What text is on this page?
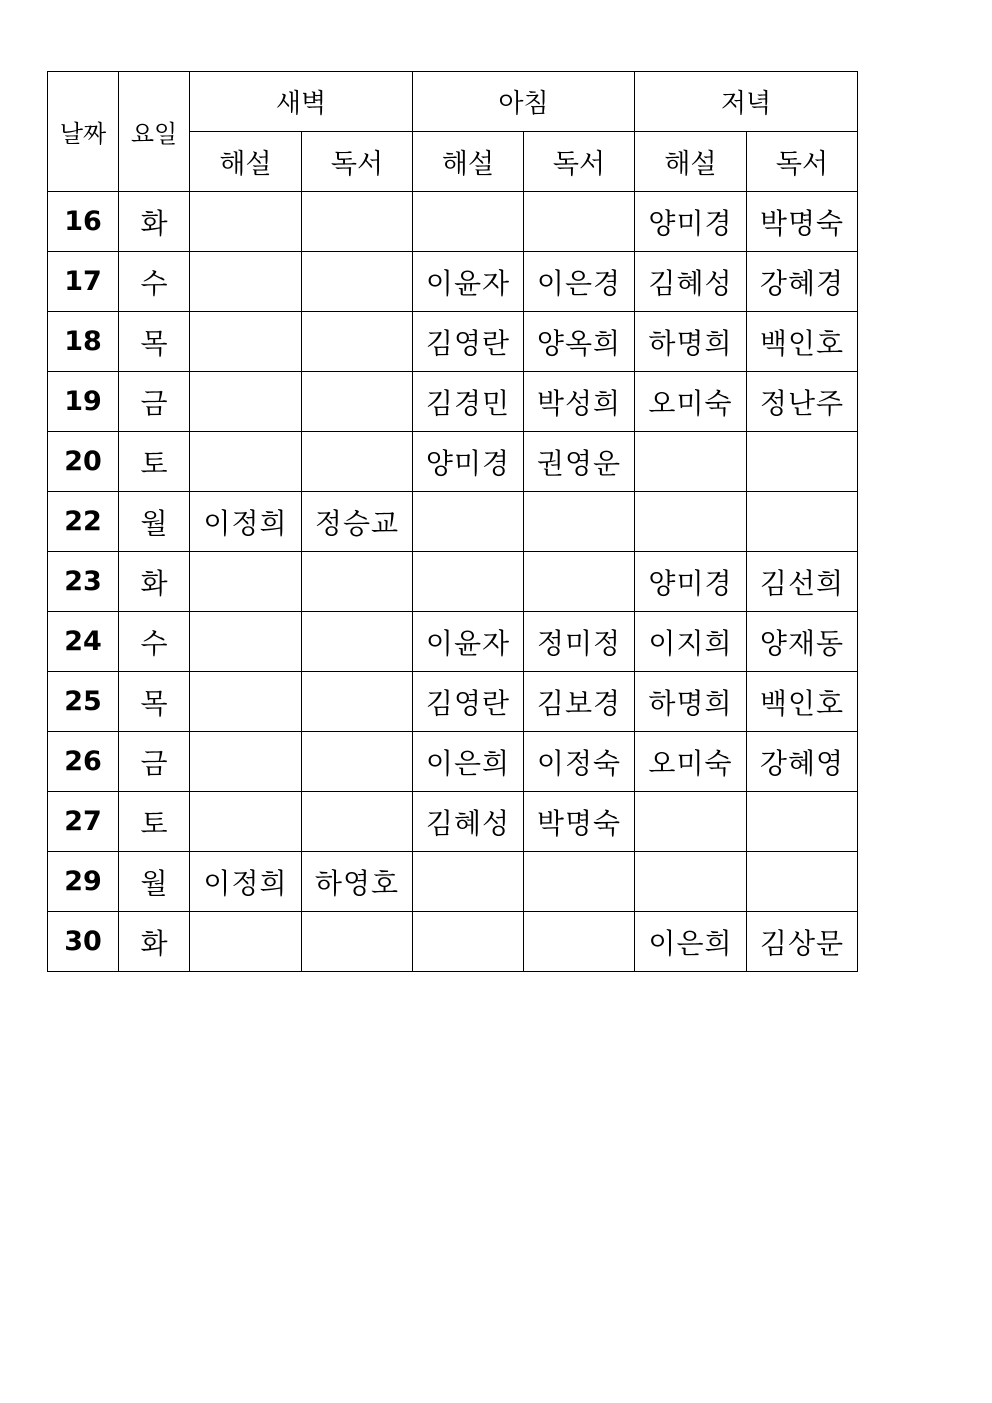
날짜	요일	새벽		아침		저녁	
		해설	독서	해설	독서	해설	독서
16	화					양미경	박명숙
17	수			이윤자	이은경	김혜성	강혜경
18	목			김영란	양옥희	하명희	백인호
19	금			김경민	박성희	오미숙	정난주
20	토			양미경	권영운		
22	월	이정희	정승교				
23	화					양미경	김선희
24	수			이윤자	정미정	이지희	양재동
25	목			김영란	김보경	하명희	백인호
26	금			이은희	이정숙	오미숙	강혜영
27	토			김혜성	박명숙		
29	월	이정희	하영호				
30	화					이은희	김상문
